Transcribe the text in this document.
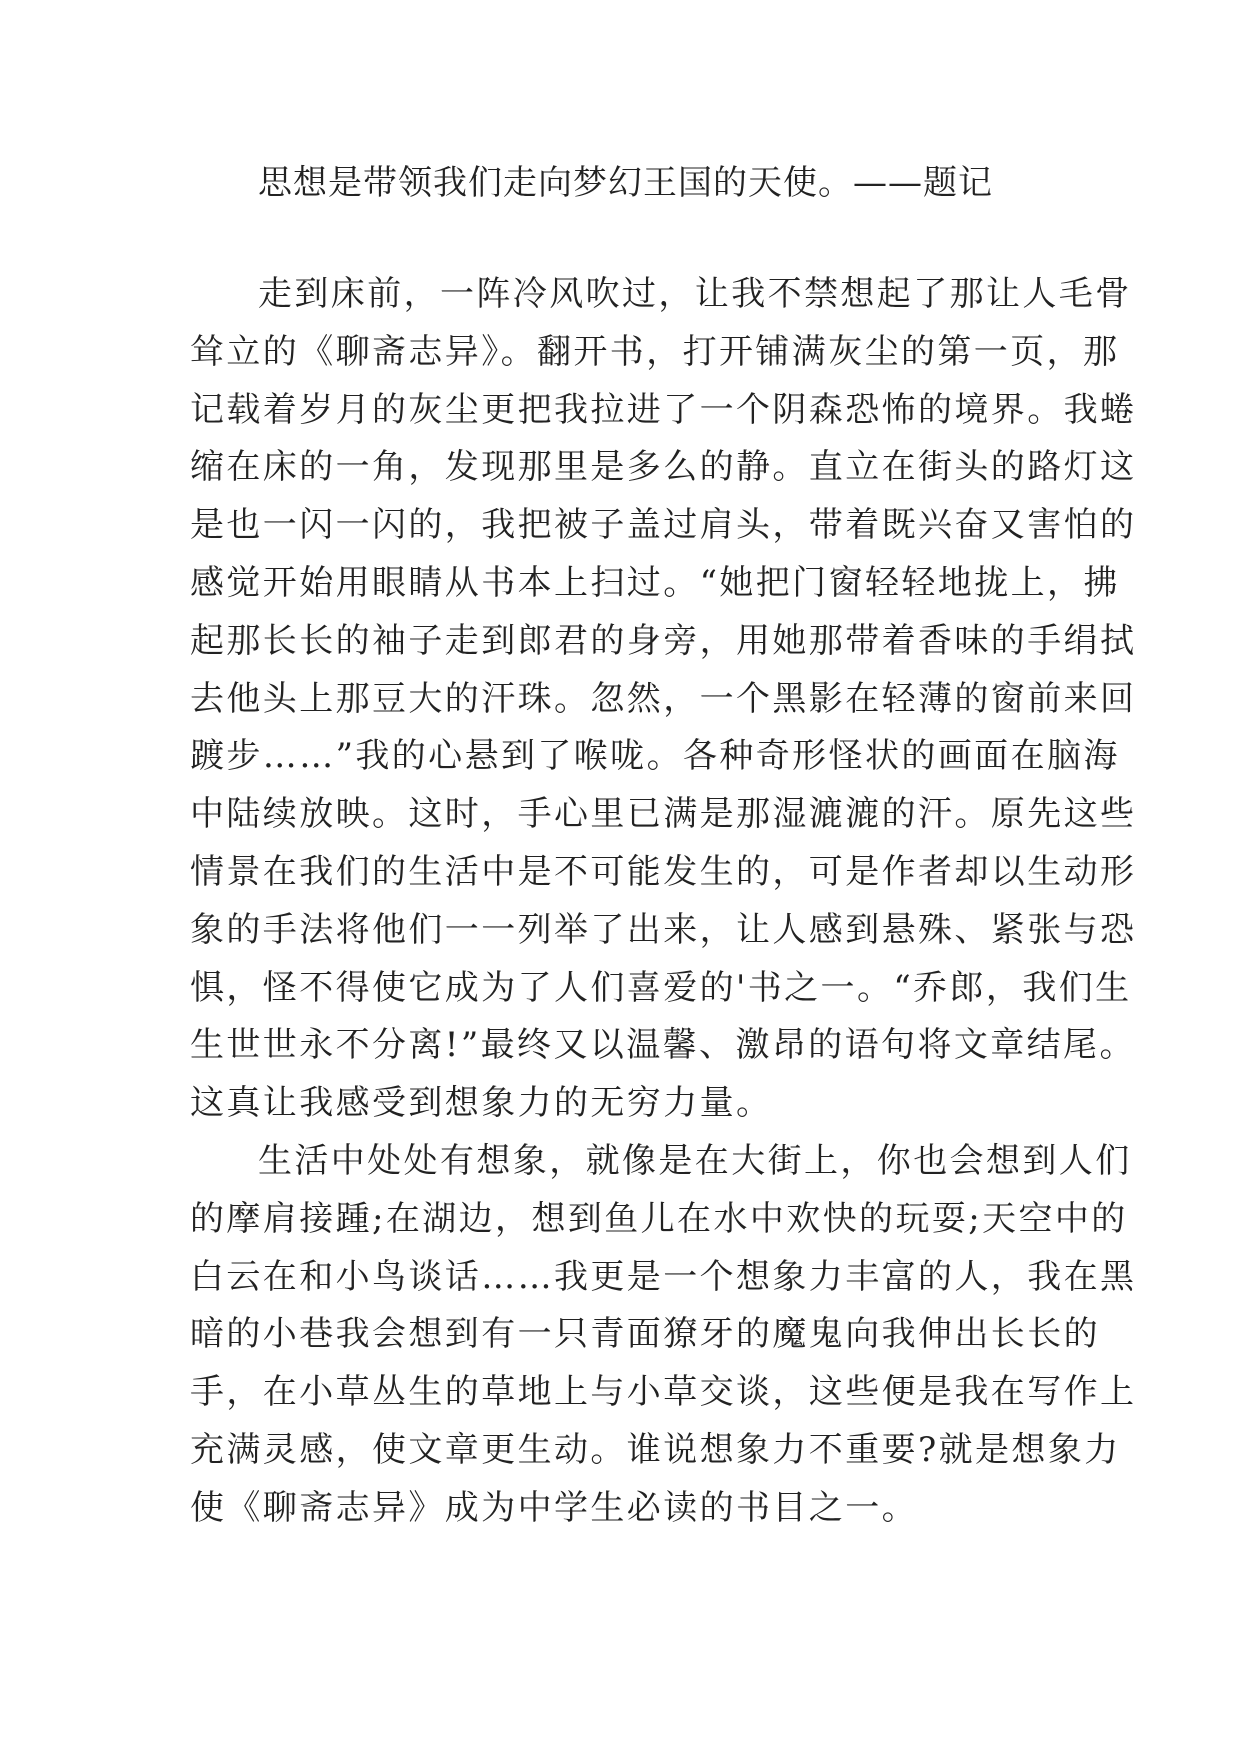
思想是带领我们走向梦幻王国的天使。——题记
走到床前，一阵冷风吹过，让我不禁想起了那让人毛骨
耸立的《聊斋志异》。翻开书，打开铺满灰尘的第一页，那
记载着岁月的灰尘更把我拉进了一个阴森恐怖的境界。我蜷
缩在床的一角，发现那里是多么的静。直立在街头的路灯这
是也一闪一闪的，我把被子盖过肩头，带着既兴奋又害怕的
感觉开始用眼睛从书本上扫过。“她把门窗轻轻地拢上，拂
起那长长的袖子走到郎君的身旁，用她那带着香味的手绢拭
去他头上那豆大的汗珠。忽然，一个黑影在轻薄的窗前来回
踱步……”我的心悬到了喉咙。各种奇形怪状的画面在脑海
中陆续放映。这时，手心里已满是那湿漉漉的汗。原先这些
情景在我们的生活中是不可能发生的，可是作者却以生动形
象的手法将他们一一列举了出来，让人感到悬殊、紧张与恐
惧，怪不得使它成为了人们喜爱的'书之一。“乔郎，我们生
生世世永不分离!”最终又以温馨、激昂的语句将文章结尾。
这真让我感受到想象力的无穷力量。
生活中处处有想象，就像是在大街上，你也会想到人们
的摩肩接踵;在湖边，想到鱼儿在水中欢快的玩耍;天空中的
白云在和小鸟谈话……我更是一个想象力丰富的人，我在黑
暗的小巷我会想到有一只青面獠牙的魔鬼向我伸出长长的
手，在小草丛生的草地上与小草交谈，这些便是我在写作上
充满灵感，使文章更生动。谁说想象力不重要?就是想象力
使《聊斋志异》成为中学生必读的书目之一。
